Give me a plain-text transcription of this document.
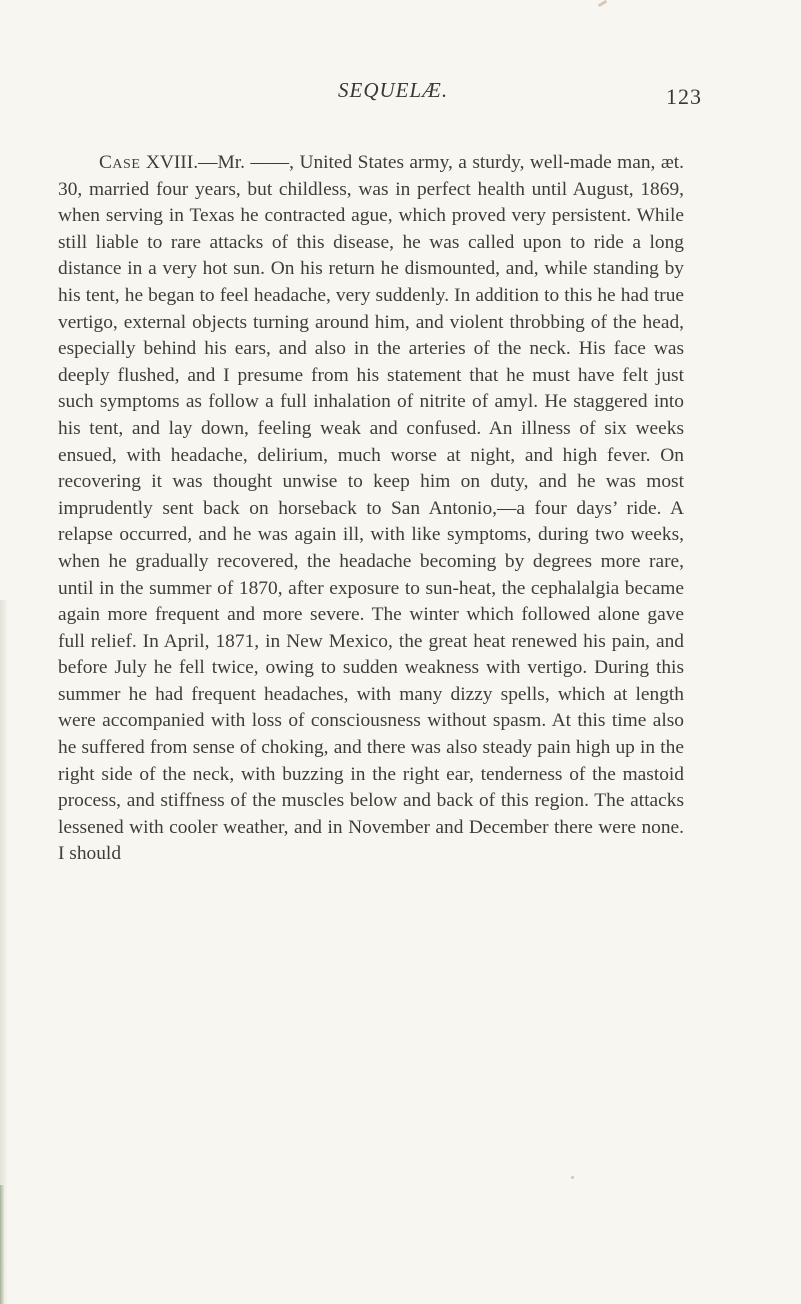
SEQUELÆ.	123

Case XVIII.—Mr. ——, United States army, a sturdy, well-made man, æt. 30, married four years, but childless, was in perfect health until August, 1869, when serving in Texas he contracted ague, which proved very persistent. While still liable to rare attacks of this disease, he was called upon to ride a long distance in a very hot sun. On his return he dismounted, and, while standing by his tent, he began to feel headache, very suddenly. In addition to this he had true vertigo, external objects turning around him, and violent throbbing of the head, especially behind his ears, and also in the arteries of the neck. His face was deeply flushed, and I presume from his statement that he must have felt just such symptoms as follow a full inhalation of nitrite of amyl. He staggered into his tent, and lay down, feeling weak and confused. An illness of six weeks ensued, with headache, delirium, much worse at night, and high fever. On recovering it was thought unwise to keep him on duty, and he was most imprudently sent back on horseback to San Antonio,—a four days’ ride. A relapse occurred, and he was again ill, with like symptoms, during two weeks, when he gradually recovered, the headache becoming by degrees more rare, until in the summer of 1870, after exposure to sun-heat, the cephalalgia became again more frequent and more severe. The winter which followed alone gave full relief. In April, 1871, in New Mexico, the great heat renewed his pain, and before July he fell twice, owing to sudden weakness with vertigo. During this summer he had frequent headaches, with many dizzy spells, which at length were accompanied with loss of consciousness without spasm. At this time also he suffered from sense of choking, and there was also steady pain high up in the right side of the neck, with buzzing in the right ear, tenderness of the mastoid process, and stiffness of the muscles below and back of this region. The attacks lessened with cooler weather, and in November and December there were none. I should
